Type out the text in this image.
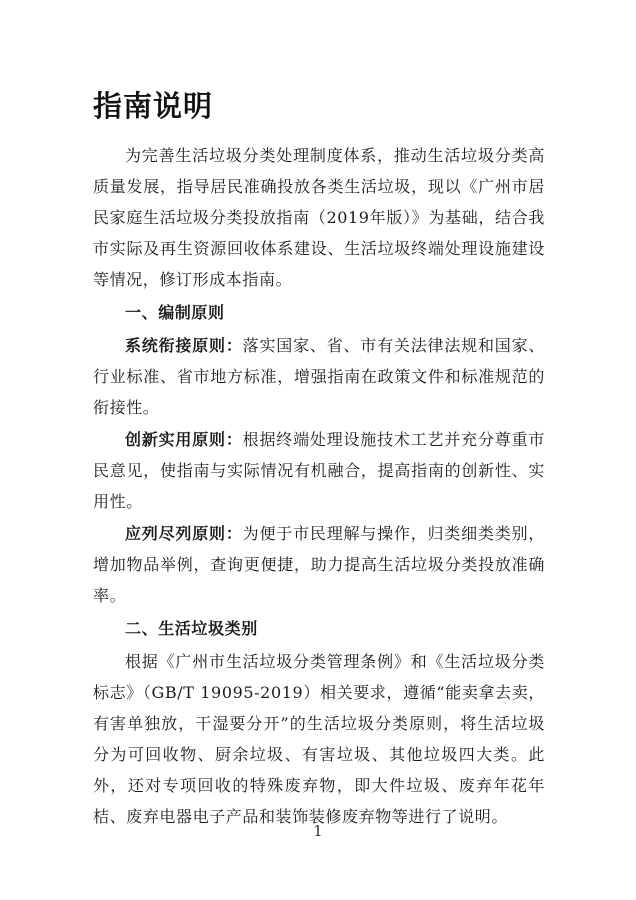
指南说明

为完善生活垃圾分类处理制度体系，推动生活垃圾分类高质量发展，指导居民准确投放各类生活垃圾，现以《广州市居民家庭生活垃圾分类投放指南（2019年版）》为基础，结合我市实际及再生资源回收体系建设、生活垃圾终端处理设施建设等情况，修订形成本指南。

一、编制原则

系统衔接原则：落实国家、省、市有关法律法规和国家、行业标准、省市地方标准，增强指南在政策文件和标准规范的衔接性。

创新实用原则：根据终端处理设施技术工艺并充分尊重市民意见，使指南与实际情况有机融合，提高指南的创新性、实用性。

应列尽列原则：为便于市民理解与操作，归类细类类别，增加物品举例，查询更便捷，助力提高生活垃圾分类投放准确率。

二、生活垃圾类别

根据《广州市生活垃圾分类管理条例》和《生活垃圾分类标志》（GB/T 19095-2019）相关要求，遵循“能卖拿去卖，有害单独放，干湿要分开”的生活垃圾分类原则，将生活垃圾分为可回收物、厨余垃圾、有害垃圾、其他垃圾四大类。此外，还对专项回收的特殊废弃物，即大件垃圾、废弃年花年桔、废弃电器电子产品和装饰装修废弃物等进行了说明。

1
